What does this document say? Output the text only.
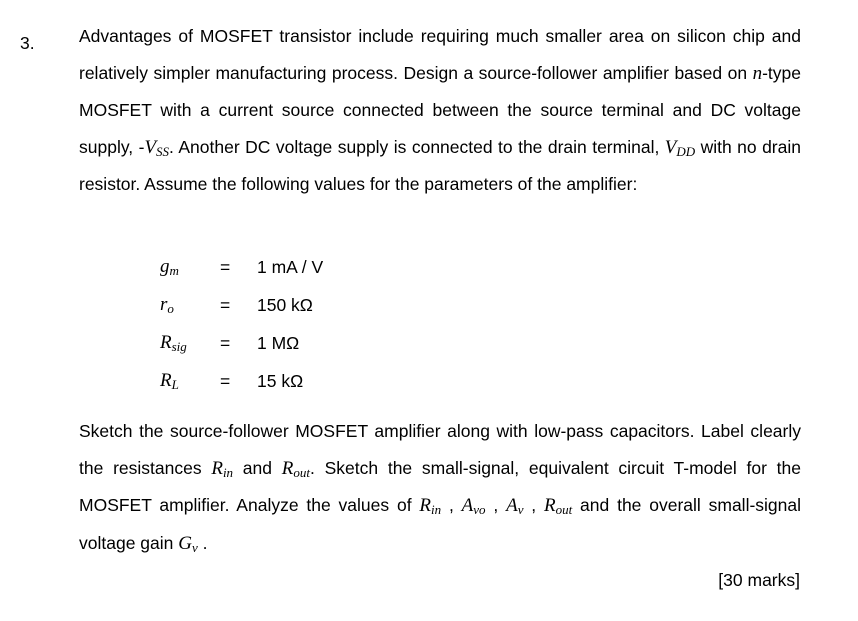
3.	Advantages of MOSFET transistor include requiring much smaller area on silicon chip and relatively simpler manufacturing process. Design a source-follower amplifier based on n-type MOSFET with a current source connected between the source terminal and DC voltage supply, $-V_{SS}$. Another DC voltage supply is connected to the drain terminal, $V_{DD}$ with no drain resistor. Assume the following values for the parameters of the amplifier:

$g_m = 1$ mA / V
$r_o$	= 150 kΩ
$R_{sig} = 1$ MΩ
$R_L = 15$ kΩ

Sketch the source-follower MOSFET amplifier along with low-pass capacitors. Label clearly the resistances $R_{in}$ and $R_{out}$. Sketch the small-signal, equivalent circuit T-model for the MOSFET amplifier. Analyze the values of $R_{in}$ , $A_{vo}$ , $A_v$ , $R_{out}$ and the overall small-signal voltage gain $G_v$ .

[30 marks]
